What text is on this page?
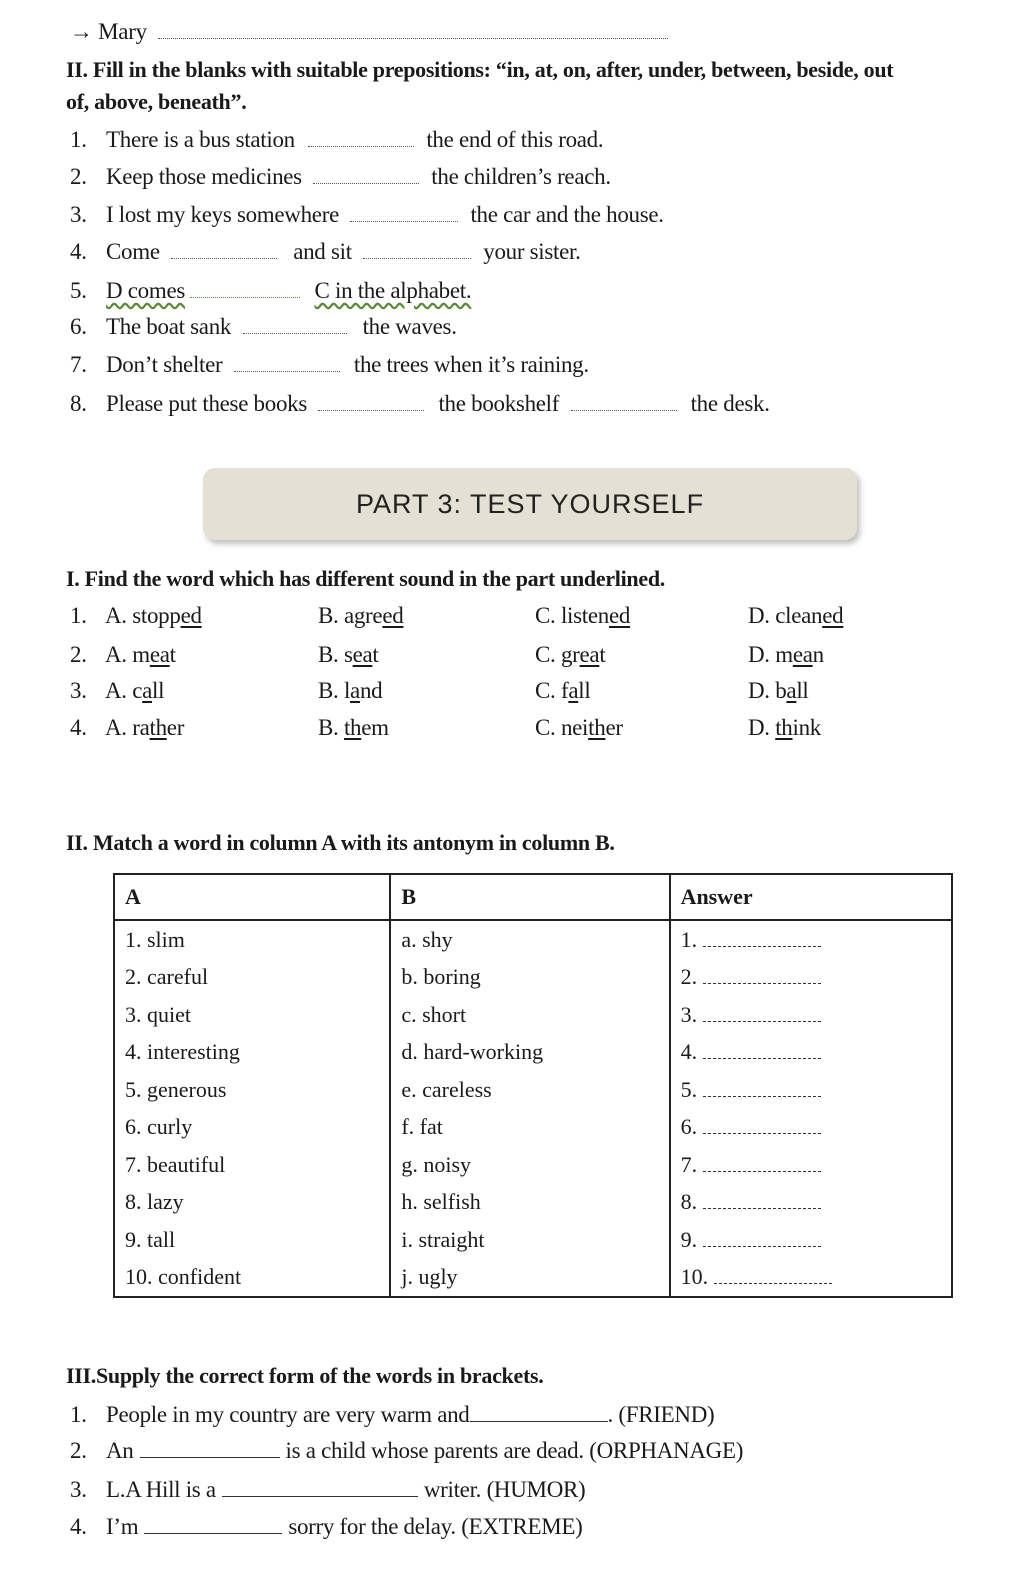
→ Mary
II. Fill in the blanks with suitable prepositions: “in, at, on, after, under, between, beside, out
of, above, beneath”.
1. There is a bus station	the end of this road.
2. Keep those medicines	the children’s reach.
3. I lost my keys somewhere	the car and the house.
4. Come	and sit	your sister.
5. D comes	C in the alphabet.
6. The boat sank	the waves.
7. Don’t shelter	the trees when it’s raining.
8. Please put these books	the bookshelf	the desk.
PART 3: TEST YOURSELF
I. Find the word which has different sound in the part underlined.
1. A. stopped	B. agreed	C. listened	D. cleaned
2. A. meat	B. seat	C. great	D. mean
3. A. call	B. land	C. fall	D. ball
4. A. rather	B. them	C. neither	D. think
II. Match a word in column A with its antonym in column B.
A	B	Answer
1. slim	a. shy	1.
2. careful	b. boring	2.
3. quiet	c. short	3.
4. interesting	d. hard-working	4.
5. generous	e. careless	5.
6. curly	f. fat	6.
7. beautiful	g. noisy	7.
8. lazy	h. selfish	8.
9. tall	i. straight	9.
10. confident	j. ugly	10.
III.Supply the correct form of the words in brackets.
1. People in my country are very warm and	. (FRIEND)
2. An	is a child whose parents are dead. (ORPHANAGE)
3. L.A Hill is a	writer. (HUMOR)
4. I’m	sorry for the delay. (EXTREME)
